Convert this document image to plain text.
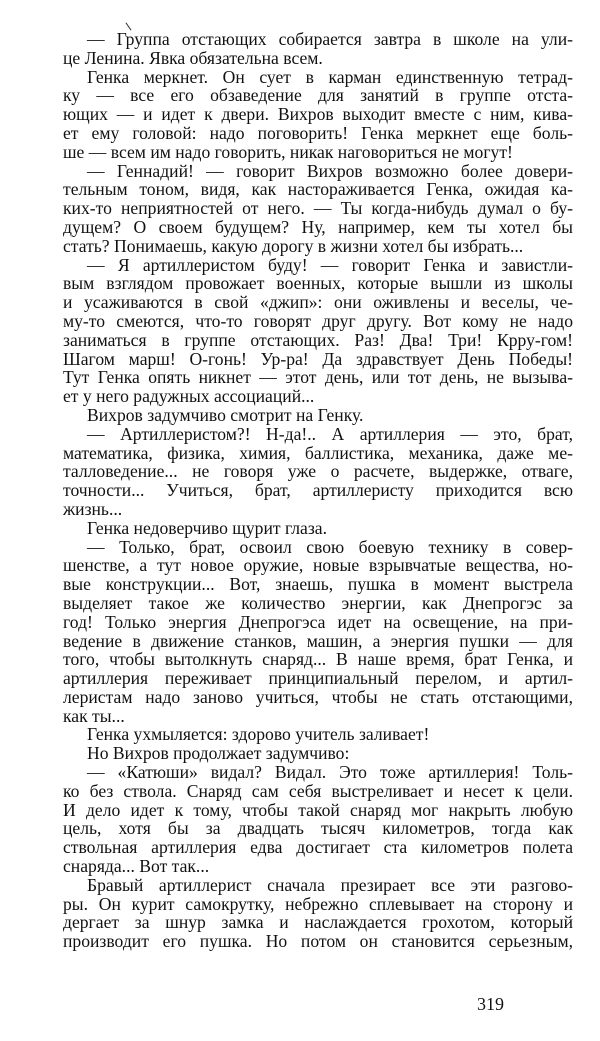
— Группа отстающих собирается завтра в школе на ули-
це Ленина. Явка обязательна всем.
Генка меркнет. Он сует в карман единственную тетрад-
ку — все его обзаведение для занятий в группе отста-
ющих — и идет к двери. Вихров выходит вместе с ним, кива-
ет ему головой: надо поговорить! Генка меркнет еще боль-
ше — всем им надо говорить, никак наговориться не могут!
— Геннадий! — говорит Вихров возможно более довери-
тельным тоном, видя, как настораживается Генка, ожидая ка-
ких-то неприятностей от него. — Ты когда-нибудь думал о бу-
дущем? О своем будущем? Ну, например, кем ты хотел бы
стать? Понимаешь, какую дорогу в жизни хотел бы избрать...
— Я артиллеристом буду! — говорит Генка и завистли-
вым взглядом провожает военных, которые вышли из школы
и усаживаются в свой «джип»: они оживлены и веселы, че-
му-то смеются, что-то говорят друг другу. Вот кому не надо
заниматься в группе отстающих. Раз! Два! Три! Крру-гом!
Шагом марш! О-гонь! Ур-ра! Да здравствует День Победы!
Тут Генка опять никнет — этот день, или тот день, не вызыва-
ет у него радужных ассоциаций...
Вихров задумчиво смотрит на Генку.
— Артиллеристом?! Н-да!.. А артиллерия — это, брат,
математика, физика, химия, баллистика, механика, даже ме-
талловедение... не говоря уже о расчете, выдержке, отваге,
точности... Учиться, брат, артиллеристу приходится всю
жизнь...
Генка недоверчиво щурит глаза.
— Только, брат, освоил свою боевую технику в совер-
шенстве, а тут новое оружие, новые взрывчатые вещества, но-
вые конструкции... Вот, знаешь, пушка в момент выстрела
выделяет такое же количество энергии, как Днепрогэс за
год! Только энергия Днепрогэса идет на освещение, на при-
ведение в движение станков, машин, а энергия пушки — для
того, чтобы вытолкнуть снаряд... В наше время, брат Генка, и
артиллерия переживает принципиальный перелом, и артил-
леристам надо заново учиться, чтобы не стать отстающими,
как ты...
Генка ухмыляется: здорово учитель заливает!
Но Вихров продолжает задумчиво:
— «Катюши» видал? Видал. Это тоже артиллерия! Толь-
ко без ствола. Снаряд сам себя выстреливает и несет к цели.
И дело идет к тому, чтобы такой снаряд мог накрыть любую
цель, хотя бы за двадцать тысяч километров, тогда как
ствольная артиллерия едва достигает ста километров полета
снаряда... Вот так...
Бравый артиллерист сначала презирает все эти разгово-
ры. Он курит самокрутку, небрежно сплевывает на сторону и
дергает за шнур замка и наслаждается грохотом, который
производит его пушка. Но потом он становится серьезным,
319
